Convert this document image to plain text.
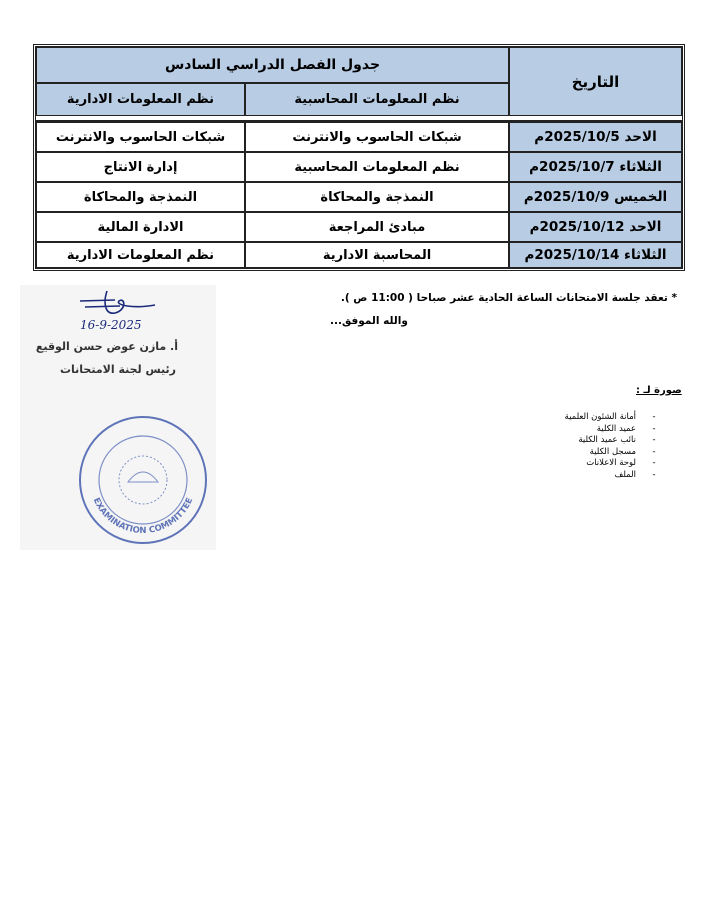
التاريخ
جدول الفصل الدراسي السادس
نظم المعلومات المحاسبية
نظم المعلومات الادارية
الاحد 2025/10/5م
شبكات الحاسوب والانترنت
شبكات الحاسوب والانترنت
الثلاثاء 2025/10/7م
نظم المعلومات المحاسبية
إدارة الانتاج
الخميس 2025/10/9م
النمذجة والمحاكاة
النمذجة والمحاكاة
الاحد 2025/10/12م
مبادئ المراجعة
الادارة المالية
الثلاثاء 2025/10/14م
المحاسبة الادارية
نظم المعلومات الادارية
* تعقد جلسة الامتحانات الساعة الحادية عشر صباحا ( 11:00 ص ).
والله الموفق...
صورة لـ :
-
أمانة الشئون العلمية
-
عميد الكلية
-
نائب عميد الكلية
-
مسجل الكلية
-
لوحة الاعلانات
-
الملف
16-9-2025
أ. مازن عوض حسن الوقيع
رئيس لجنة الامتحانات
EXAMINATION COMMITTEE
